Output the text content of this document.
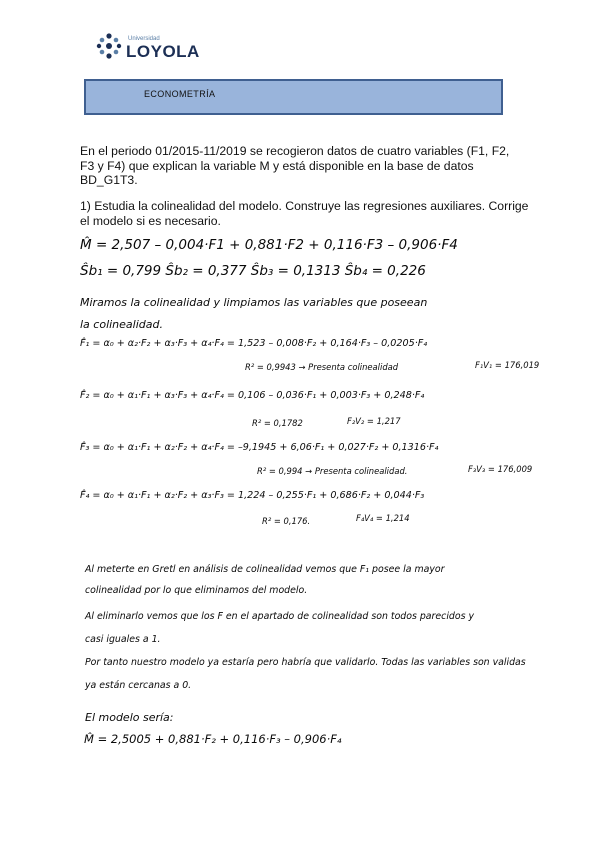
Universidad
LOYOLA
ECONOMETRÍA
En el periodo 01/2015-11/2019 se recogieron datos de cuatro variables (F1, F2, F3 y F4) que explican la variable M y está disponible en la base de datos BD_G1T3.
1) Estudia la colinealidad del modelo. Construye las regresiones auxiliares. Corrige el modelo si es necesario.
M̂ = 2,507 – 0,004·F1 + 0,881·F2 + 0,116·F3 – 0,906·F4
Ŝb₁ = 0,799 Ŝb₂ = 0,377 Ŝb₃ = 0,1313 Ŝb₄ = 0,226
Miramos la colinealidad y limpiamos las variables que poseean
la colinealidad.
F̂₁ = α₀ + α₂·F₂ + α₃·F₃ + α₄·F₄ = 1,523 – 0,008·F₂ + 0,164·F₃ – 0,0205·F₄
R² = 0,9943 → Presenta colinealidad	F₁V₁ = 176,019
F̂₂ = α₀ + α₁·F₁ + α₃·F₃ + α₄·F₄ = 0,106 – 0,036·F₁ + 0,003·F₃ + 0,248·F₄
R² = 0,1782	F₂V₂ = 1,217
F̂₃ = α₀ + α₁·F₁ + α₂·F₂ + α₄·F₄ = –9,1945 + 6,06·F₁ + 0,027·F₂ + 0,1316·F₄
R² = 0,994 → Presenta colinealidad.	F₃V₃ = 176,009
F̂₄ = α₀ + α₁·F₁ + α₂·F₂ + α₃·F₃ = 1,224 – 0,255·F₁ + 0,686·F₂ + 0,044·F₃
R² = 0,176.	F₄V₄ = 1,214
Al meterte en Gretl en análisis de colinealidad vemos que F₁ posee la mayor
colinealidad por lo que eliminamos del modelo.
Al eliminarlo vemos que los F en el apartado de colinealidad son todos parecidos y
casi iguales a 1.
Por tanto nuestro modelo ya estaría pero habría que validarlo. Todas las variables son validas
ya están cercanas a 0.
El modelo sería:
M̂ = 2,5005 + 0,881·F₂ + 0,116·F₃ – 0,906·F₄
